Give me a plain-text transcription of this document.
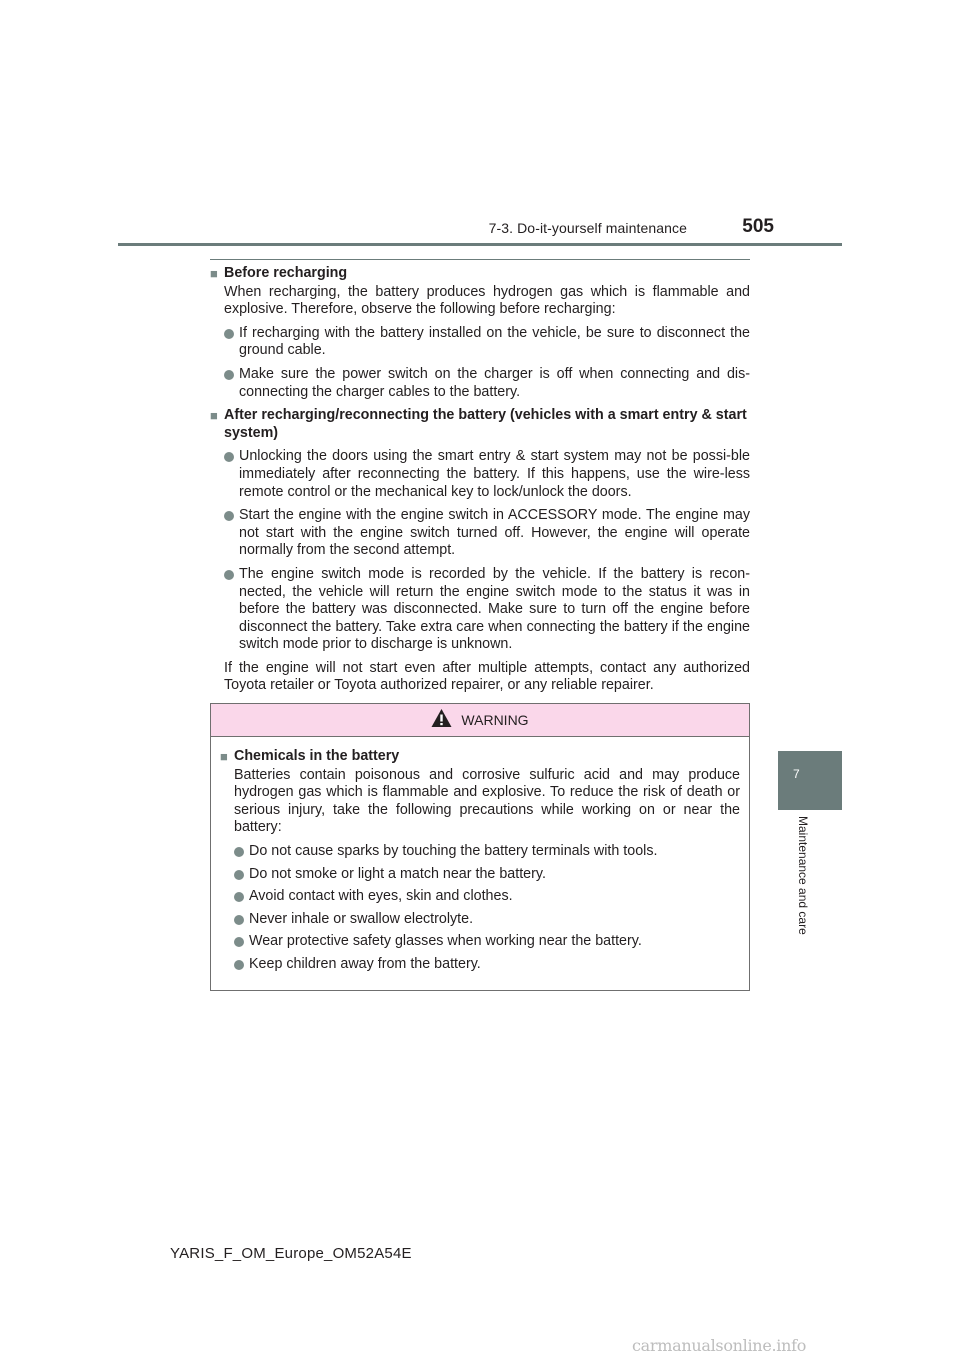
7-3. Do-it-yourself maintenance	505
7
Maintenance and care
■ Before recharging

When recharging, the battery produces hydrogen gas which is flammable and explosive. Therefore, observe the following before recharging:

If recharging with the battery installed on the vehicle, be sure to disconnect the ground cable.
Make sure the power switch on the charger is off when connecting and dis-connecting the charger cables to the battery.
■ After recharging/reconnecting the battery (vehicles with a smart entry & start system)
Unlocking the doors using the smart entry & start system may not be possi-ble immediately after reconnecting the battery. If this happens, use the wire-less remote control or the mechanical key to lock/unlock the doors.
Start the engine with the engine switch in ACCESSORY mode. The engine may not start with the engine switch turned off. However, the engine will operate normally from the second attempt.
The engine switch mode is recorded by the vehicle. If the battery is recon-nected, the vehicle will return the engine switch mode to the status it was in before the battery was disconnected. Make sure to turn off the engine before disconnect the battery. Take extra care when connecting the battery if the engine switch mode prior to discharge is unknown.

If the engine will not start even after multiple attempts, contact any authorized Toyota retailer or Toyota authorized repairer, or any reliable repairer.

WARNING
■ Chemicals in the battery

Batteries contain poisonous and corrosive sulfuric acid and may produce hydrogen gas which is flammable and explosive. To reduce the risk of death or serious injury, take the following precautions while working on or near the battery:

Do not cause sparks by touching the battery terminals with tools.
Do not smoke or light a match near the battery.
Avoid contact with eyes, skin and clothes.
Never inhale or swallow electrolyte.
Wear protective safety glasses when working near the battery.
Keep children away from the battery.
YARIS_F_OM_Europe_OM52A54E
carmanualsonline.info
